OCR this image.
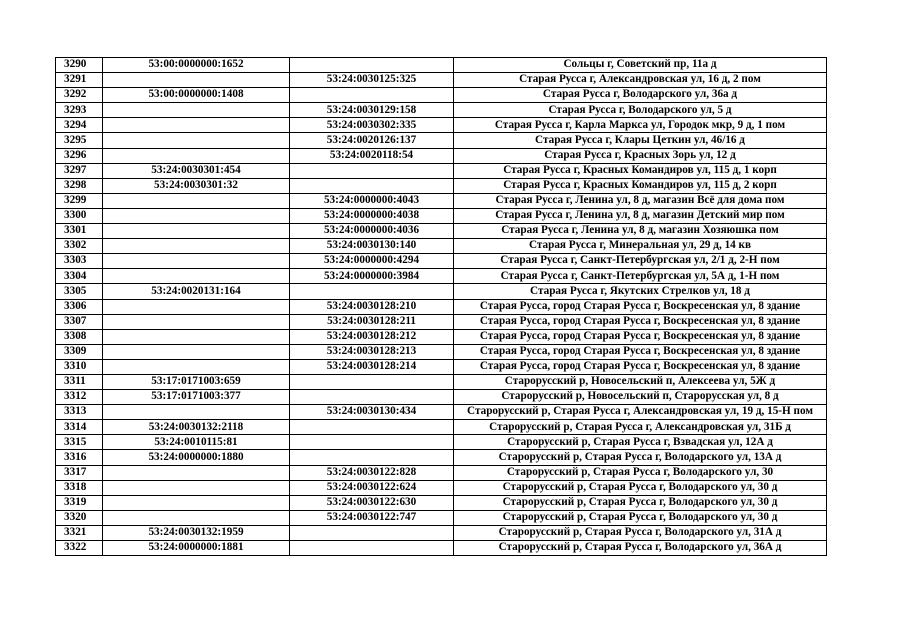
3290	53:00:0000000:1652		Сольцы г, Советский пр, 11а д
3291		53:24:0030125:325	Старая Русса г, Александровская ул, 16 д, 2 пом
3292	53:00:0000000:1408		Старая Русса г, Володарского ул, 36а д
3293		53:24:0030129:158	Старая Русса г, Володарского ул, 5 д
3294		53:24:0030302:335	Старая Русса г, Карла Маркса ул, Городок мкр, 9 д, 1 пом
3295		53:24:0020126:137	Старая Русса г, Клары Цеткин ул, 46/16 д
3296		53:24:0020118:54	Старая Русса г, Красных Зорь ул, 12 д
3297	53:24:0030301:454		Старая Русса г, Красных Командиров ул, 115 д, 1 корп
3298	53:24:0030301:32		Старая Русса г, Красных Командиров ул, 115 д, 2 корп
3299		53:24:0000000:4043	Старая Русса г, Ленина ул, 8 д, магазин Всё для дома пом
3300		53:24:0000000:4038	Старая Русса г, Ленина ул, 8 д, магазин Детский мир пом
3301		53:24:0000000:4036	Старая Русса г, Ленина ул, 8 д, магазин Хозяюшка пом
3302		53:24:0030130:140	Старая Русса г, Минеральная ул, 29 д, 14 кв
3303		53:24:0000000:4294	Старая Русса г, Санкт-Петербургская ул, 2/1 д, 2-Н пом
3304		53:24:0000000:3984	Старая Русса г, Санкт-Петербургская ул, 5А д, 1-Н пом
3305	53:24:0020131:164		Старая Русса г, Якутских Стрелков ул, 18 д
3306		53:24:0030128:210	Старая Русса, город Старая Русса г, Воскресенская ул, 8 здание
3307		53:24:0030128:211	Старая Русса, город Старая Русса г, Воскресенская ул, 8 здание
3308		53:24:0030128:212	Старая Русса, город Старая Русса г, Воскресенская ул, 8 здание
3309		53:24:0030128:213	Старая Русса, город Старая Русса г, Воскресенская ул, 8 здание
3310		53:24:0030128:214	Старая Русса, город Старая Русса г, Воскресенская ул, 8 здание
3311	53:17:0171003:659		Старорусский р, Новосельский п, Алексеева ул, 5Ж д
3312	53:17:0171003:377		Старорусский р, Новосельский п, Старорусская ул, 8 д
3313		53:24:0030130:434	Старорусский р, Старая Русса г, Александровская ул, 19 д, 15-Н пом
3314	53:24:0030132:2118		Старорусский р, Старая Русса г, Александровская ул, 31Б д
3315	53:24:0010115:81		Старорусский р, Старая Русса г, Взвадская ул, 12А д
3316	53:24:0000000:1880		Старорусский р, Старая Русса г, Володарского ул, 13А д
3317		53:24:0030122:828	Старорусский р, Старая Русса г, Володарского ул, 30
3318		53:24:0030122:624	Старорусский р, Старая Русса г, Володарского ул, 30 д
3319		53:24:0030122:630	Старорусский р, Старая Русса г, Володарского ул, 30 д
3320		53:24:0030122:747	Старорусский р, Старая Русса г, Володарского ул, 30 д
3321	53:24:0030132:1959		Старорусский р, Старая Русса г, Володарского ул, 31А д
3322	53:24:0000000:1881		Старорусский р, Старая Русса г, Володарского ул, 36А д
